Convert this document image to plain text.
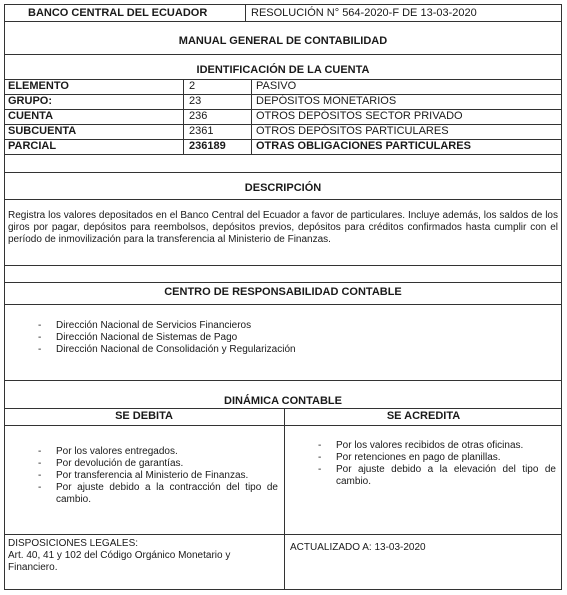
BANCO CENTRAL DEL ECUADOR	RESOLUCIÓN N° 564-2020-F DE 13-03-2020
MANUAL GENERAL DE CONTABILIDAD
IDENTIFICACIÓN DE LA CUENTA
ELEMENTO	2	PASIVO
GRUPO:	23	DEPÓSITOS MONETARIOS
CUENTA	236	OTROS DEPÓSITOS SECTOR PRIVADO
SUBCUENTA	2361	OTROS DEPÓSITOS PARTICULARES
PARCIAL	236189	OTRAS OBLIGACIONES PARTICULARES
DESCRIPCIÓN
Registra los valores depositados en el Banco Central del Ecuador a favor de particulares. Incluye además, los saldos de los giros por pagar, depósitos para reembolsos, depósitos previos, depósitos para créditos confirmados hasta cumplir con el período de inmovilización para la transferencia al Ministerio de Finanzas.
CENTRO DE RESPONSABILIDAD CONTABLE
- Dirección Nacional de Servicios Financieros
- Dirección Nacional de Sistemas de Pago
- Dirección Nacional de Consolidación y Regularización
DINÁMICA CONTABLE
SE DEBITA	SE ACREDITA
- Por los valores entregados.
- Por devolución de garantías.
- Por transferencia al Ministerio de Finanzas.
- Por ajuste debido a la contracción del tipo de cambio.
- Por los valores recibidos de otras oficinas.
- Por retenciones en pago de planillas.
- Por ajuste debido a la elevación del tipo de cambio.
DISPOSICIONES LEGALES:
Art. 40, 41 y 102 del Código Orgánico Monetario y Financiero.
ACTUALIZADO A: 13-03-2020
